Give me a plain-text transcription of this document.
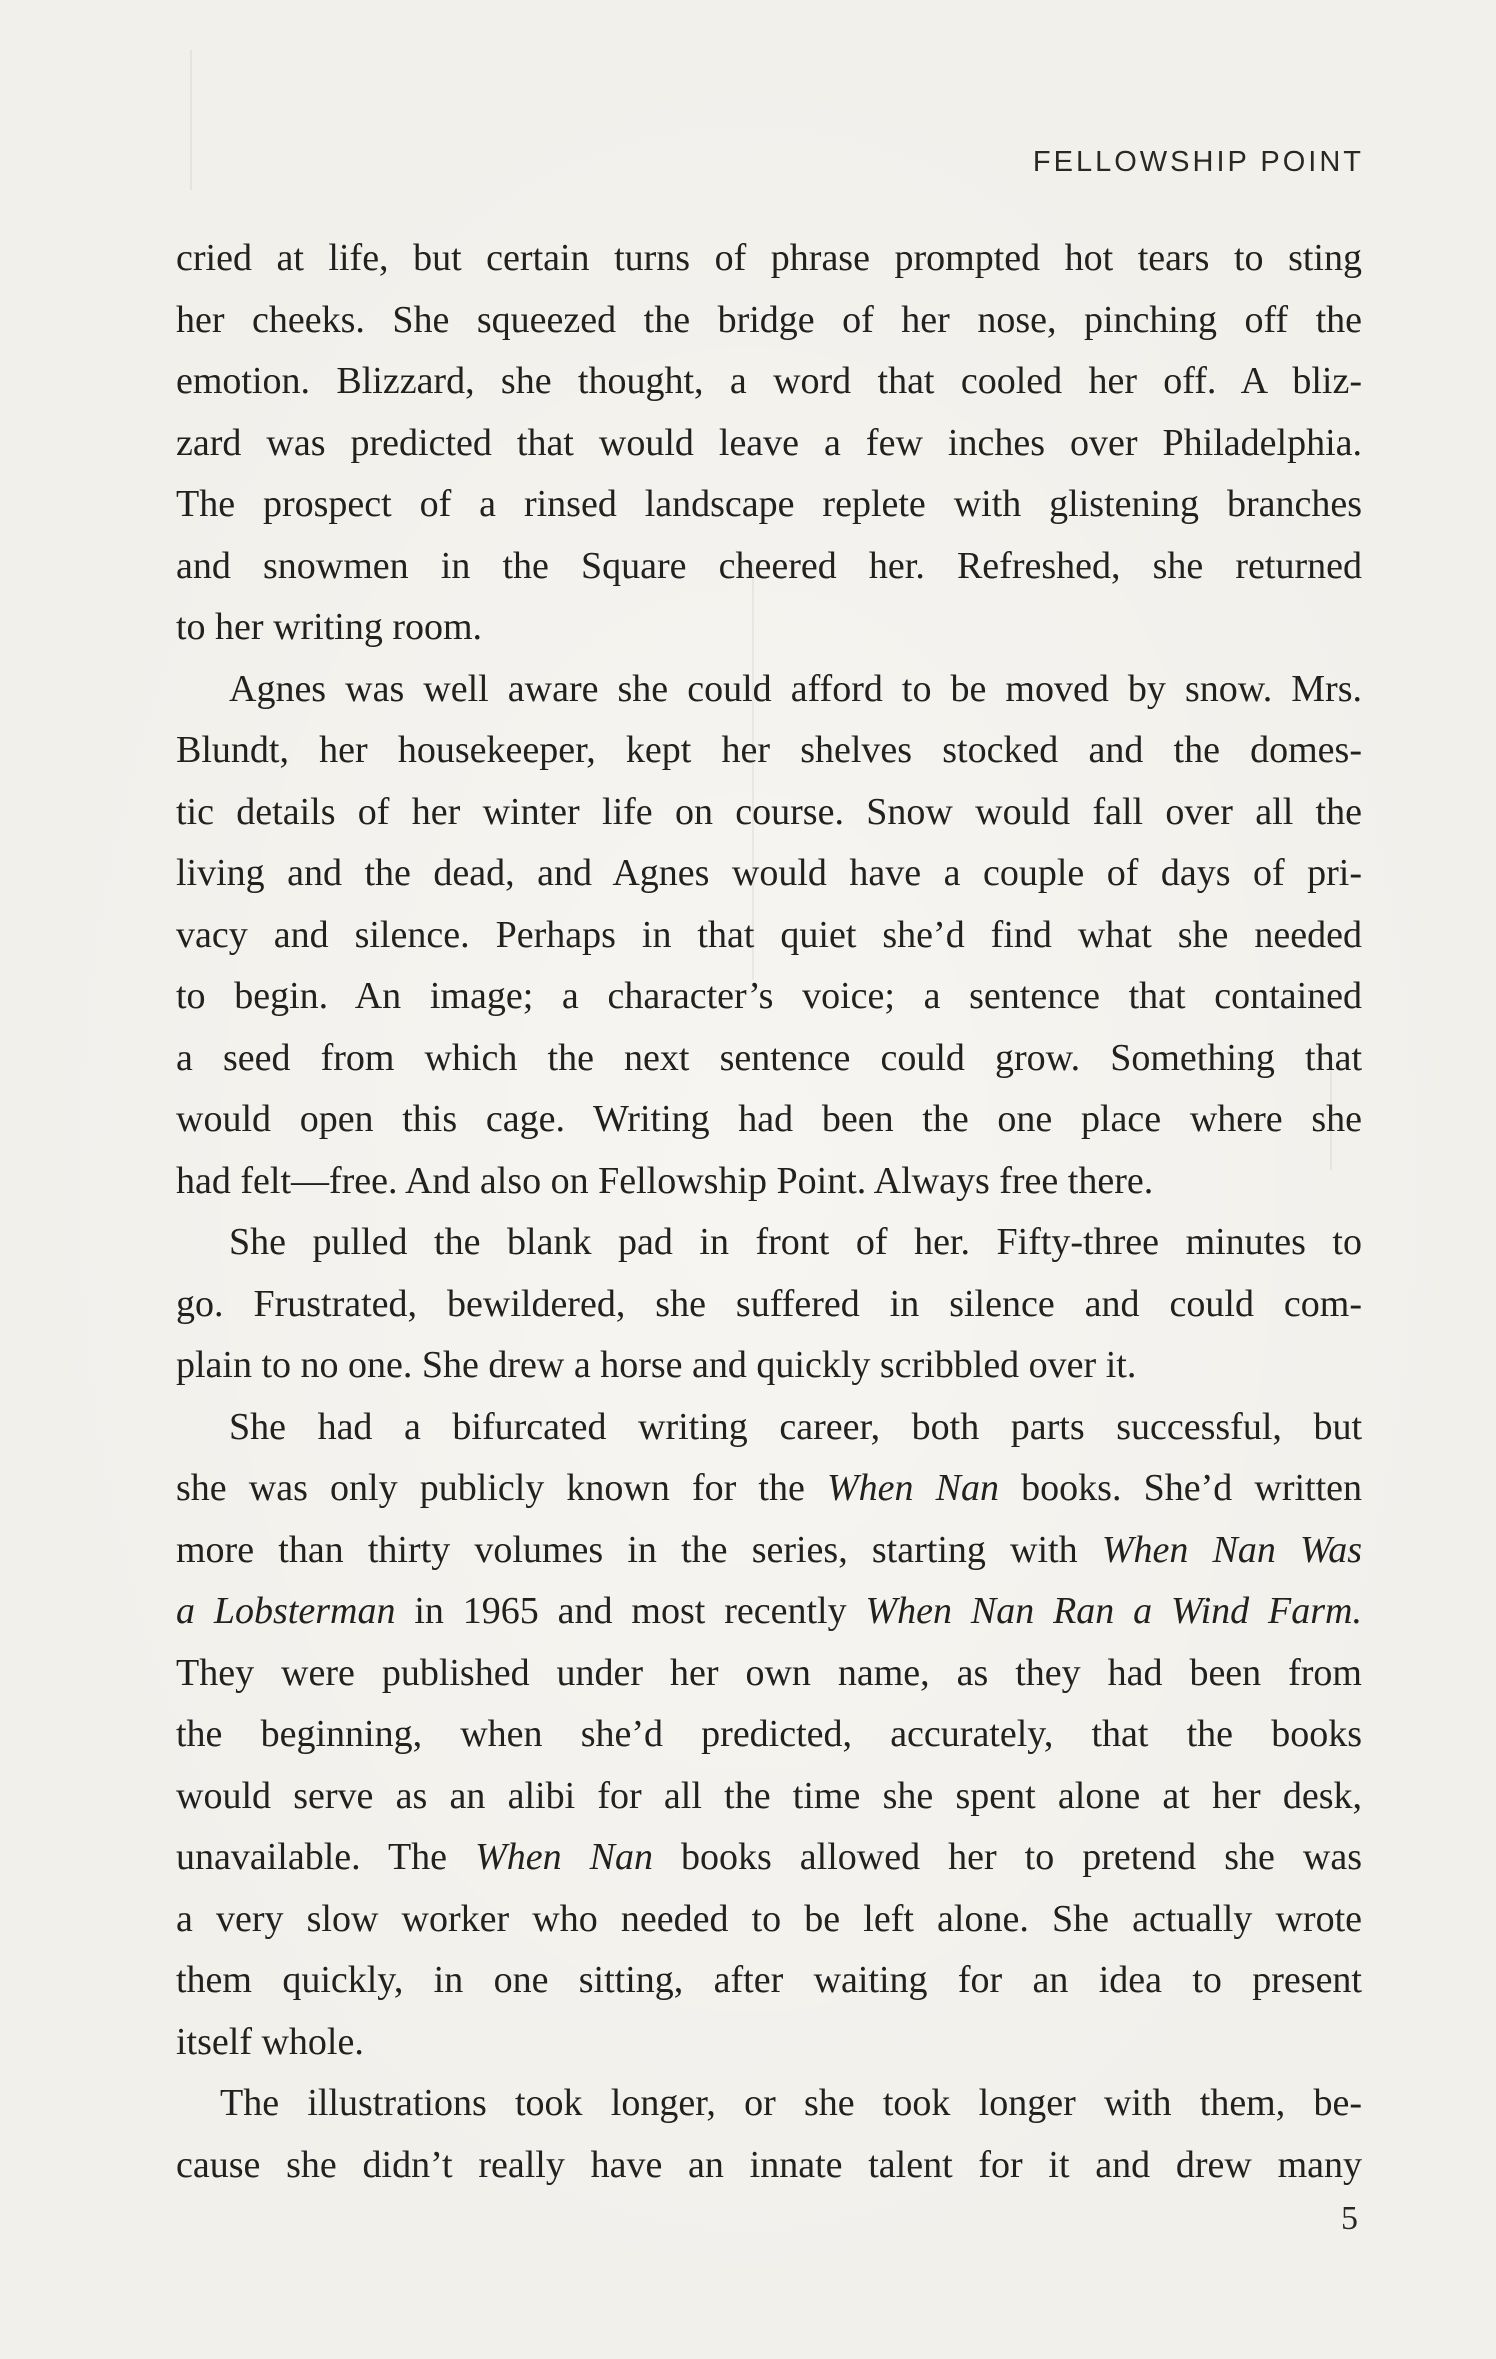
FELLOWSHIP POINT
cried at life, but certain turns of phrase prompted hot tears to sting
her cheeks. She squeezed the bridge of her nose, pinching off the
emotion. Blizzard, she thought, a word that cooled her off. A bliz-
zard was predicted that would leave a few inches over Philadelphia.
The prospect of a rinsed landscape replete with glistening branches
and snowmen in the Square cheered her. Refreshed, she returned
to her writing room.
Agnes was well aware she could afford to be moved by snow. Mrs.
Blundt, her housekeeper, kept her shelves stocked and the domes-
tic details of her winter life on course. Snow would fall over all the
living and the dead, and Agnes would have a couple of days of pri-
vacy and silence. Perhaps in that quiet she’d find what she needed
to begin. An image; a character’s voice; a sentence that contained
a seed from which the next sentence could grow. Something that
would open this cage. Writing had been the one place where she
had felt—free. And also on Fellowship Point. Always free there.
She pulled the blank pad in front of her. Fifty-three minutes to
go. Frustrated, bewildered, she suffered in silence and could com-
plain to no one. She drew a horse and quickly scribbled over it.
She had a bifurcated writing career, both parts successful, but
she was only publicly known for the When Nan books. She’d written
more than thirty volumes in the series, starting with When Nan Was
a Lobsterman in 1965 and most recently When Nan Ran a Wind Farm.
They were published under her own name, as they had been from
the beginning, when she’d predicted, accurately, that the books
would serve as an alibi for all the time she spent alone at her desk,
unavailable. The When Nan books allowed her to pretend she was
a very slow worker who needed to be left alone. She actually wrote
them quickly, in one sitting, after waiting for an idea to present
itself whole.
The illustrations took longer, or she took longer with them, be-
cause she didn’t really have an innate talent for it and drew many
5
